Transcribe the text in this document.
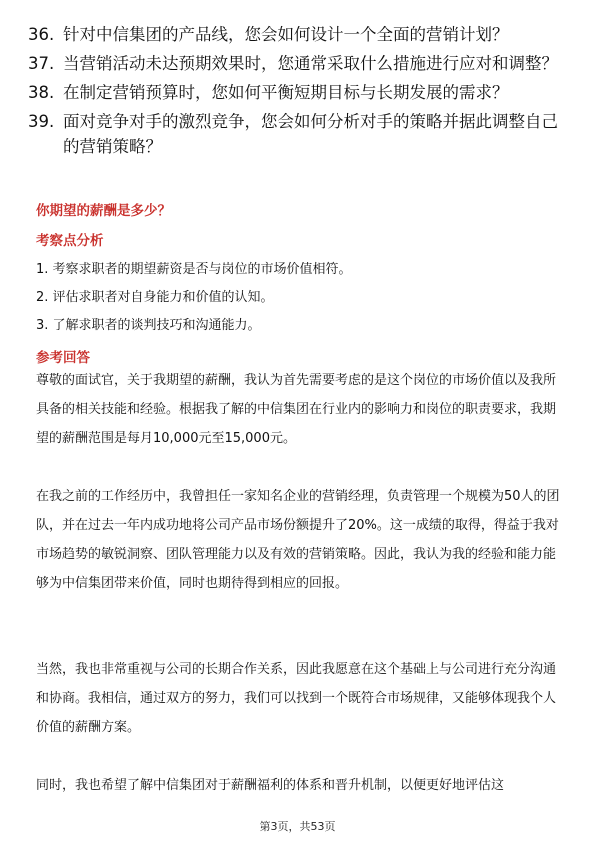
36. 针对中信集团的产品线，您会如何设计一个全面的营销计划？
37. 当营销活动未达预期效果时，您通常采取什么措施进行应对和调整？
38. 在制定营销预算时，您如何平衡短期目标与长期发展的需求？
39. 面对竞争对手的激烈竞争，您会如何分析对手的策略并据此调整自己的营销策略？
你期望的薪酬是多少？
考察点分析
1. 考察求职者的期望薪资是否与岗位的市场价值相符。
2. 评估求职者对自身能力和价值的认知。
3. 了解求职者的谈判技巧和沟通能力。
参考回答
尊敬的面试官，关于我期望的薪酬，我认为首先需要考虑的是这个岗位的市场价值以及我所具备的相关技能和经验。根据我了解的中信集团在行业内的影响力和岗位的职责要求，我期望的薪酬范围是每月10,000元至15,000元。
在我之前的工作经历中，我曾担任一家知名企业的营销经理，负责管理一个规模为50人的团队，并在过去一年内成功地将公司产品市场份额提升了20%。这一成绩的取得，得益于我对市场趋势的敏锐洞察、团队管理能力以及有效的营销策略。因此，我认为我的经验和能力能够为中信集团带来价值，同时也期待得到相应的回报。
当然，我也非常重视与公司的长期合作关系，因此我愿意在这个基础上与公司进行充分沟通和协商。我相信，通过双方的努力，我们可以找到一个既符合市场规律，又能够体现我个人价值的薪酬方案。
同时，我也希望了解中信集团对于薪酬福利的体系和晋升机制，以便更好地评估这
第3页，共53页
